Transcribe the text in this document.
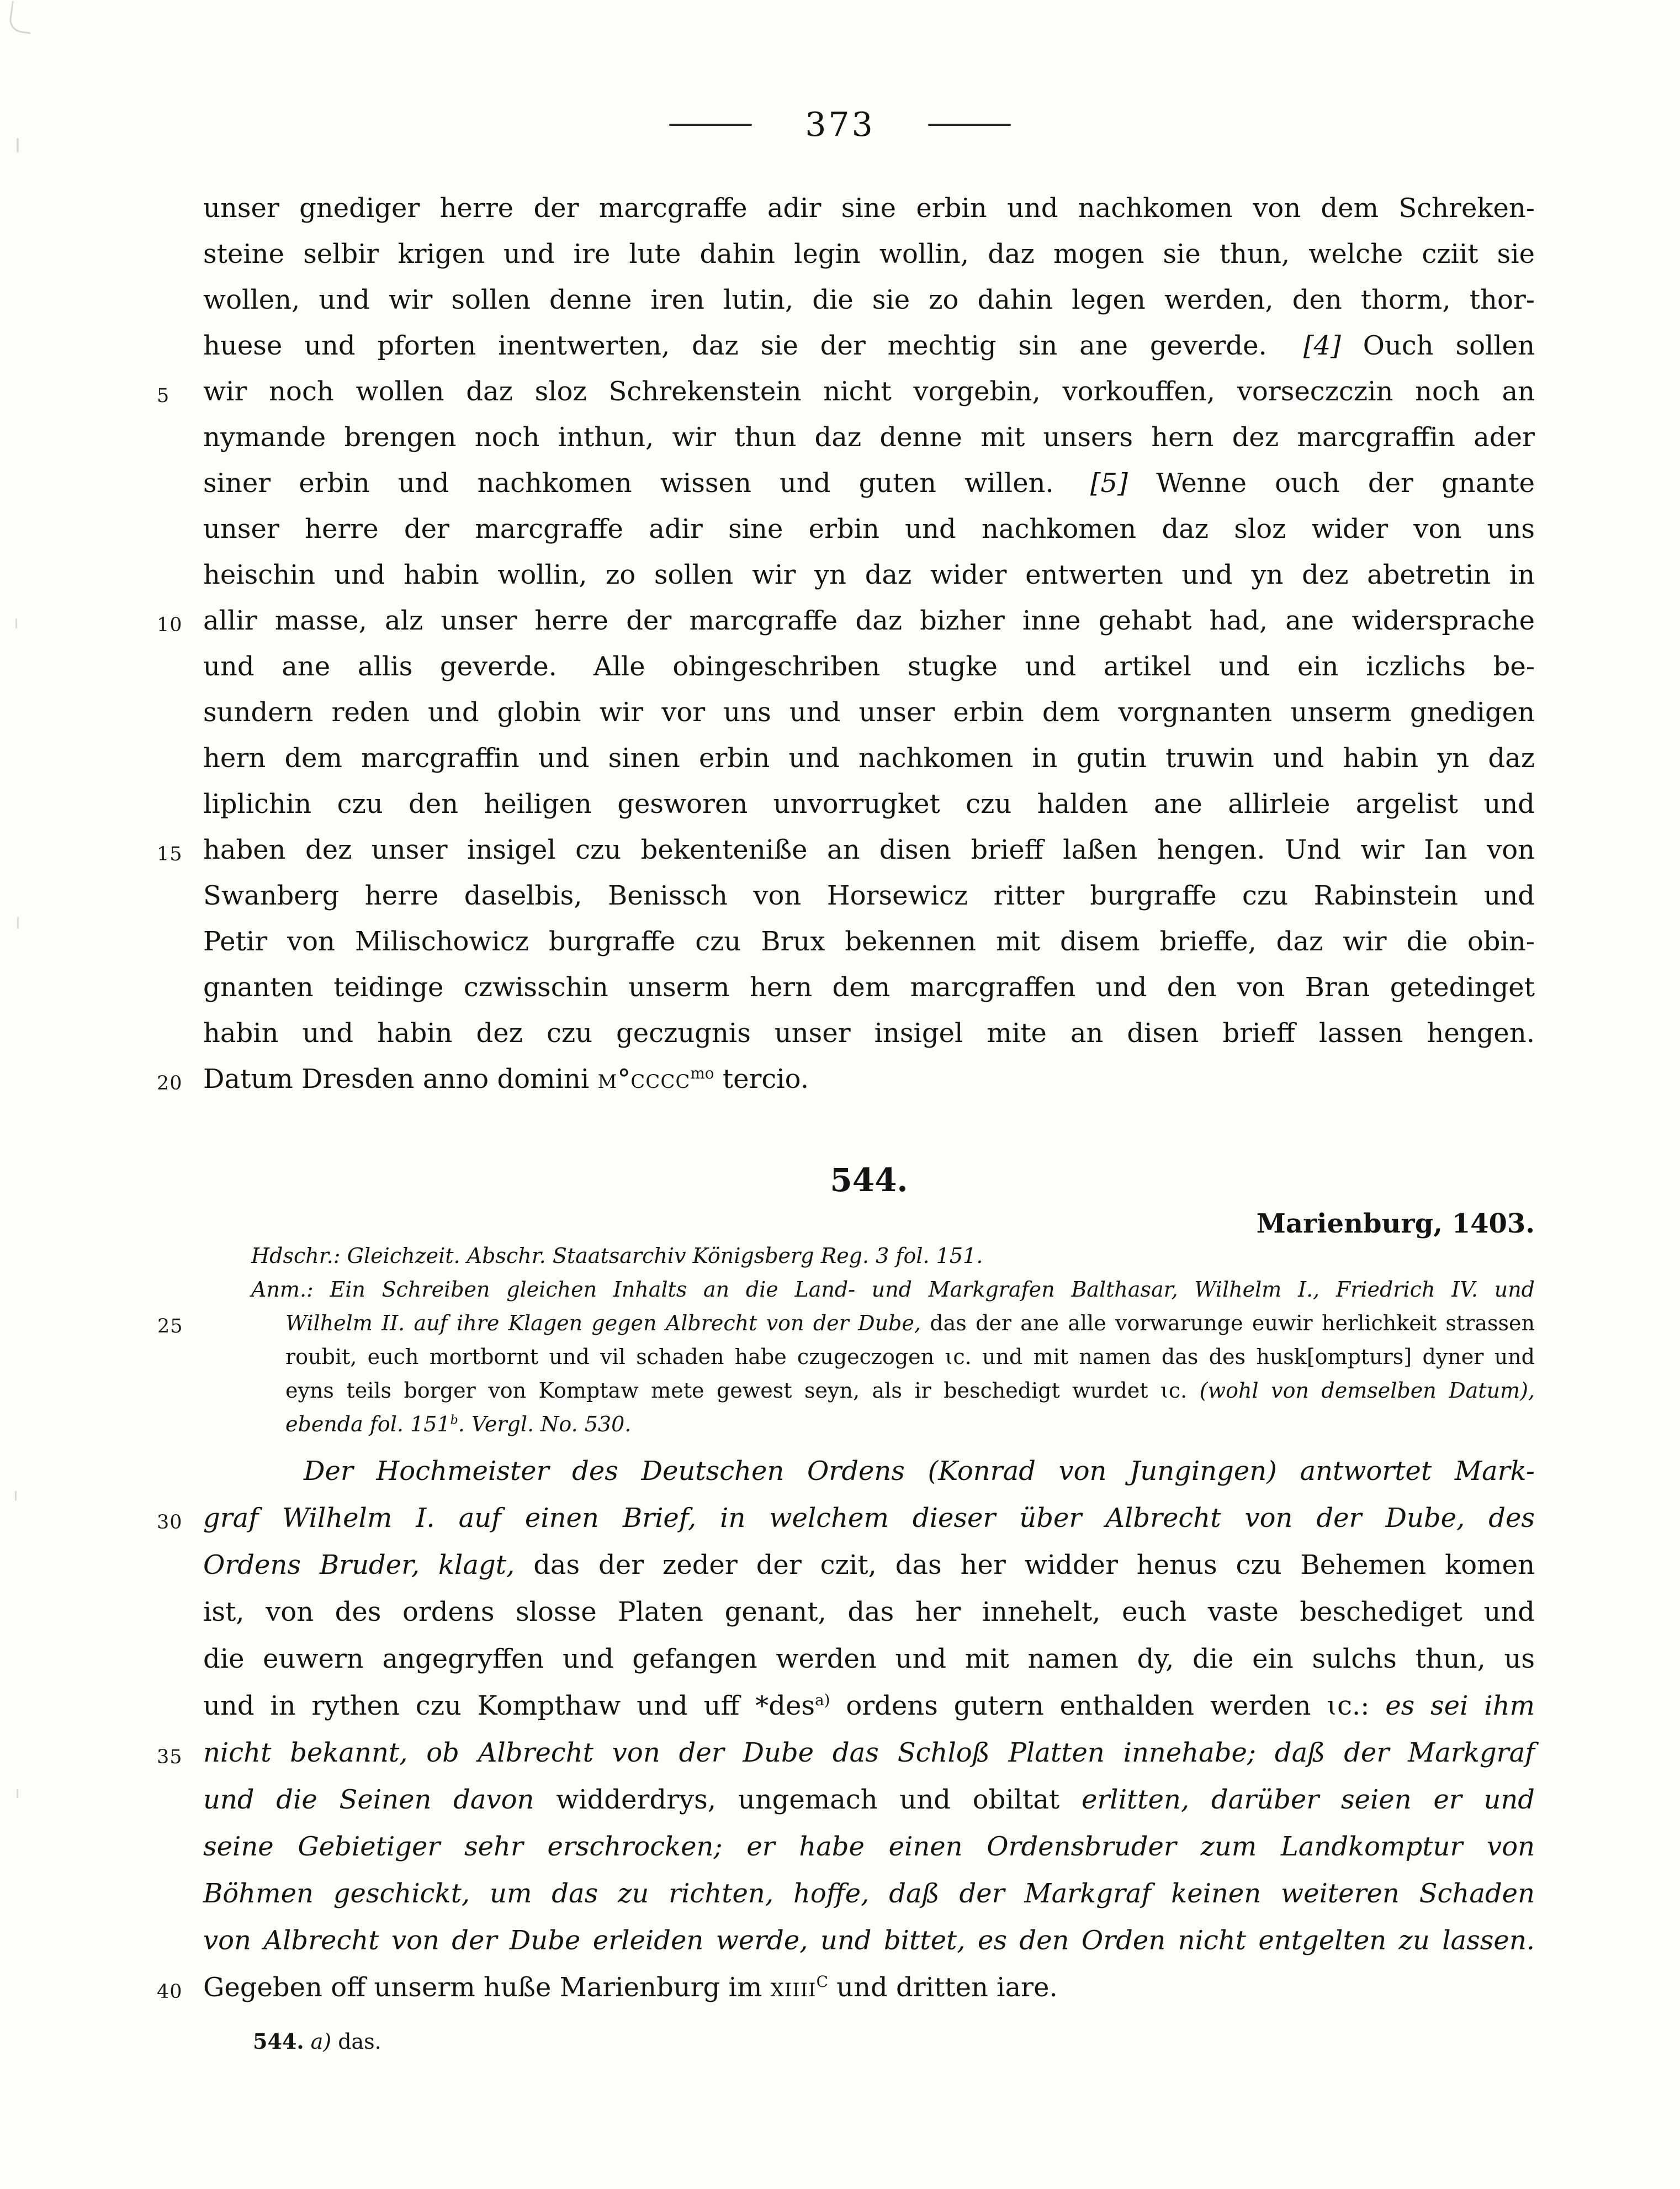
373
unser gnediger herre der marcgraffe adir sine erbin und nachkomen von dem Schreken-
steine selbir krigen und ire lute dahin legin wollin, daz mogen sie thun, welche cziit sie
wollen, und wir sollen denne iren lutin, die sie zo dahin legen werden, den thorm, thor-
huese und pforten inentwerten, daz sie der mechtig sin ane geverde. [4] Ouch sollen
5 wir noch wollen daz sloz Schrekenstein nicht vorgebin, vorkouffen, vorseczczin noch an
nymande brengen noch inthun, wir thun daz denne mit unsers hern dez marcgraffin ader
siner erbin und nachkomen wissen und guten willen. [5] Wenne ouch der gnante
unser herre der marcgraffe adir sine erbin und nachkomen daz sloz wider von uns
heischin und habin wollin, zo sollen wir yn daz wider entwerten und yn dez abetretin in
10 allir masse, alz unser herre der marcgraffe daz bizher inne gehabt had, ane widersprache
und ane allis geverde. Alle obingeschriben stugke und artikel und ein iczlichs be-
sundern reden und globin wir vor uns und unser erbin dem vorgnanten unserm gnedigen
hern dem marcgraffin und sinen erbin und nachkomen in gutin truwin und habin yn daz
liplichin czu den heiligen gesworen unvorrugket czu halden ane allirleie argelist und
15 haben dez unser insigel czu bekenteniße an disen brieff laßen hengen. Und wir Ian von
Swanberg herre daselbis, Benissch von Horsewicz ritter burgraffe czu Rabinstein und
Petir von Milischowicz burgraffe czu Brux bekennen mit disem brieffe, daz wir die obin-
gnanten teidinge czwisschin unserm hern dem marcgraffen und den von Bran getedinget
habin und habin dez czu geczugnis unser insigel mite an disen brieff lassen hengen.
20 Datum Dresden anno domini m°cccc$^{mo}$ tercio.
544.
Marienburg, 1403.
Hdschr.: Gleichzeit. Abschr. Staatsarchiv Königsberg Reg. 3 fol. 151.
Anm.: Ein Schreiben gleichen Inhalts an die Land- und Markgrafen Balthasar, Wilhelm I., Friedrich IV. und
25	Wilhelm II. auf ihre Klagen gegen Albrecht von der Dube, das der ane alle vorwarunge euwir herlichkeit strassen
roubit, euch mortbornt und vil schaden habe czugeczogen ɩc. und mit namen das des husk[ompturs] dyner und
eyns teils borger von Komptaw mete gewest seyn, als ir beschedigt wurdet ɩc. (wohl von demselben Datum),
ebenda fol. 151$^b$. Vergl. No. 530.
Der Hochmeister des Deutschen Ordens (Konrad von Jungingen) antwortet Mark-
30 graf Wilhelm I. auf einen Brief, in welchem dieser über Albrecht von der Dube, des
Ordens Bruder, klagt, das der zeder der czit, das her widder henus czu Behemen komen
ist, von des ordens slosse Platen genant, das her innehelt, euch vaste beschediget und
die euwern angegryffen und gefangen werden und mit namen dy, die ein sulchs thun, us
und in rythen czu Kompthaw und uff *des$^{a)}$ ordens gutern enthalden werden ɩc.: es sei ihm
35 nicht bekannt, ob Albrecht von der Dube das Schloß Platten innehabe; daß der Markgraf
und die Seinen davon widderdrys, ungemach und obiltat erlitten, darüber seien er und
seine Gebietiger sehr erschrocken; er habe einen Ordensbruder zum Landkomptur von
Böhmen geschickt, um das zu richten, hoffe, daß der Markgraf keinen weiteren Schaden
von Albrecht von der Dube erleiden werde, und bittet, es den Orden nicht entgelten zu lassen.
40 Gegeben off unserm huße Marienburg im xiiii$^C$ und dritten iare.
544. a) das.
